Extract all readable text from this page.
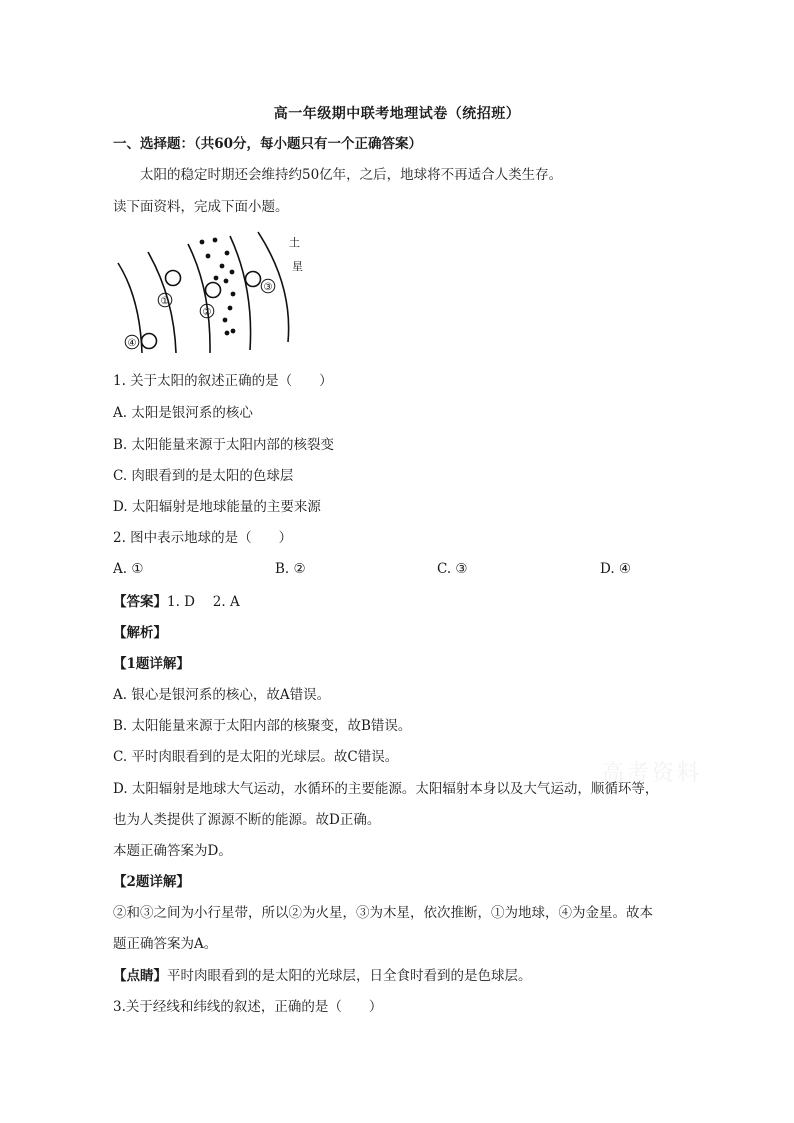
高一年级期中联考地理试卷（统招班）
一、选择题：（共60分，每小题只有一个正确答案）
太阳的稳定时期还会维持约50亿年，之后，地球将不再适合人类生存。
读下面资料，完成下面小题。
①
②
③
④
土
星
1. 关于太阳的叙述正确的是（　　）
A. 太阳是银河系的核心
B. 太阳能量来源于太阳内部的核裂变
C. 肉眼看到的是太阳的色球层
D. 太阳辐射是地球能量的主要来源
2. 图中表示地球的是（　　）
A. ①	B. ②	C. ③	D. ④
【答案】1. D　 2. A
【解析】
【1题详解】
A. 银心是银河系的核心，故A错误。
B. 太阳能量来源于太阳内部的核聚变，故B错误。
C. 平时肉眼看到的是太阳的光球层。故C错误。
D. 太阳辐射是地球大气运动，水循环的主要能源。太阳辐射本身以及大气运动，顺循环等，
也为人类提供了源源不断的能源。故D正确。
本题正确答案为D。
【2题详解】
②和③之间为小行星带，所以②为火星，③为木星，依次推断，①为地球，④为金星。故本
题正确答案为A。
【点睛】平时肉眼看到的是太阳的光球层，日全食时看到的是色球层。
3.关于经线和纬线的叙述，正确的是（　　）
高考资料
